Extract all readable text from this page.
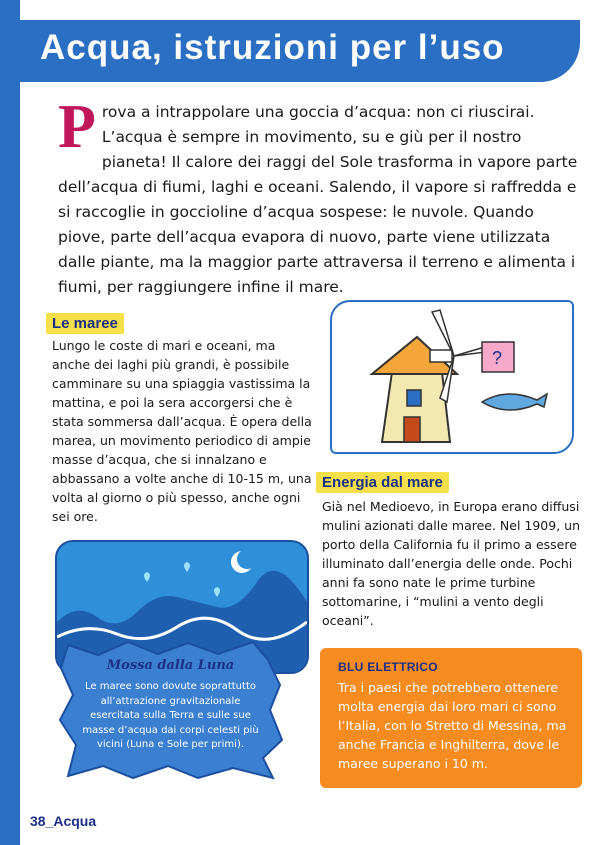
Acqua, istruzioni per l’uso
Prova a intrappolare una goccia d’acqua: non ci riuscirai. L’acqua è sempre in movimento, su e giù per il nostro pianeta! Il calore dei raggi del Sole trasforma in vapore parte dell’acqua di fiumi, laghi e oceani. Salendo, il vapore si raffredda e si raccoglie in goccioline d’acqua sospese: le nuvole. Quando piove, parte dell’acqua evapora di nuovo, parte viene utilizzata dalle piante, ma la maggior parte attraversa il terreno e alimenta i fiumi, per raggiungere infine il mare.
Le maree
Lungo le coste di mari e oceani, ma anche dei laghi più grandi, è possibile camminare su una spiaggia vastissima la mattina, e poi la sera accorgersi che è stata sommersa dall’acqua. È opera della marea, un movimento periodico di ampie masse d’acqua, che si innalzano e abbassano a volte anche di 10-15 m, una volta al giorno o più spesso, anche ogni sei ore.
?
Energia dal mare
Già nel Medioevo, in Europa erano diffusi mulini azionati dalle maree. Nel 1909, un porto della California fu il primo a essere illuminato dall’energia delle onde. Pochi anni fa sono nate le prime turbine sottomarine, i “mulini a vento degli oceani”.
Mossa dalla Luna
Le maree sono dovute soprattutto all’attrazione gravitazionale esercitata sulla Terra e sulle sue masse d’acqua dai corpi celesti più vicini (Luna e Sole per primi).
BLU ELETTRICO
Tra i paesi che potrebbero ottenere molta energia dai loro mari ci sono l’Italia, con lo Stretto di Messina, ma anche Francia e Inghilterra, dove le maree superano i 10 m.
38_Acqua
